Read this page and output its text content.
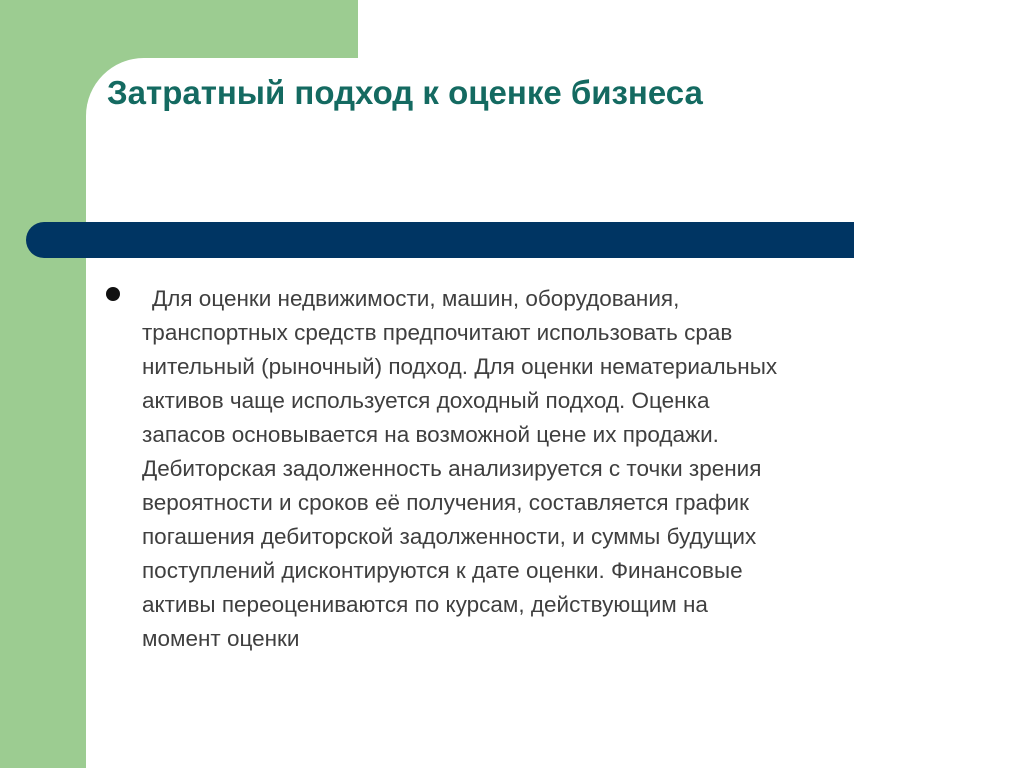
Затратный подход к оценке бизнеса

Для оценки недвижимости, машин, оборудования,
транспортных средств предпочитают использовать срав
нительный (рыночный) подход. Для оценки нематериальных
активов чаще используется доходный подход. Оценка
запасов основывается на возможной цене их продажи.
Дебиторская задолженность анализируется с точки зрения
вероятности и сроков её получения, составляется график
погашения дебиторской задолженности, и суммы будущих
поступлений дисконтируются к дате оценки. Финансовые
активы переоцениваются по курсам, действующим на
момент оценки
